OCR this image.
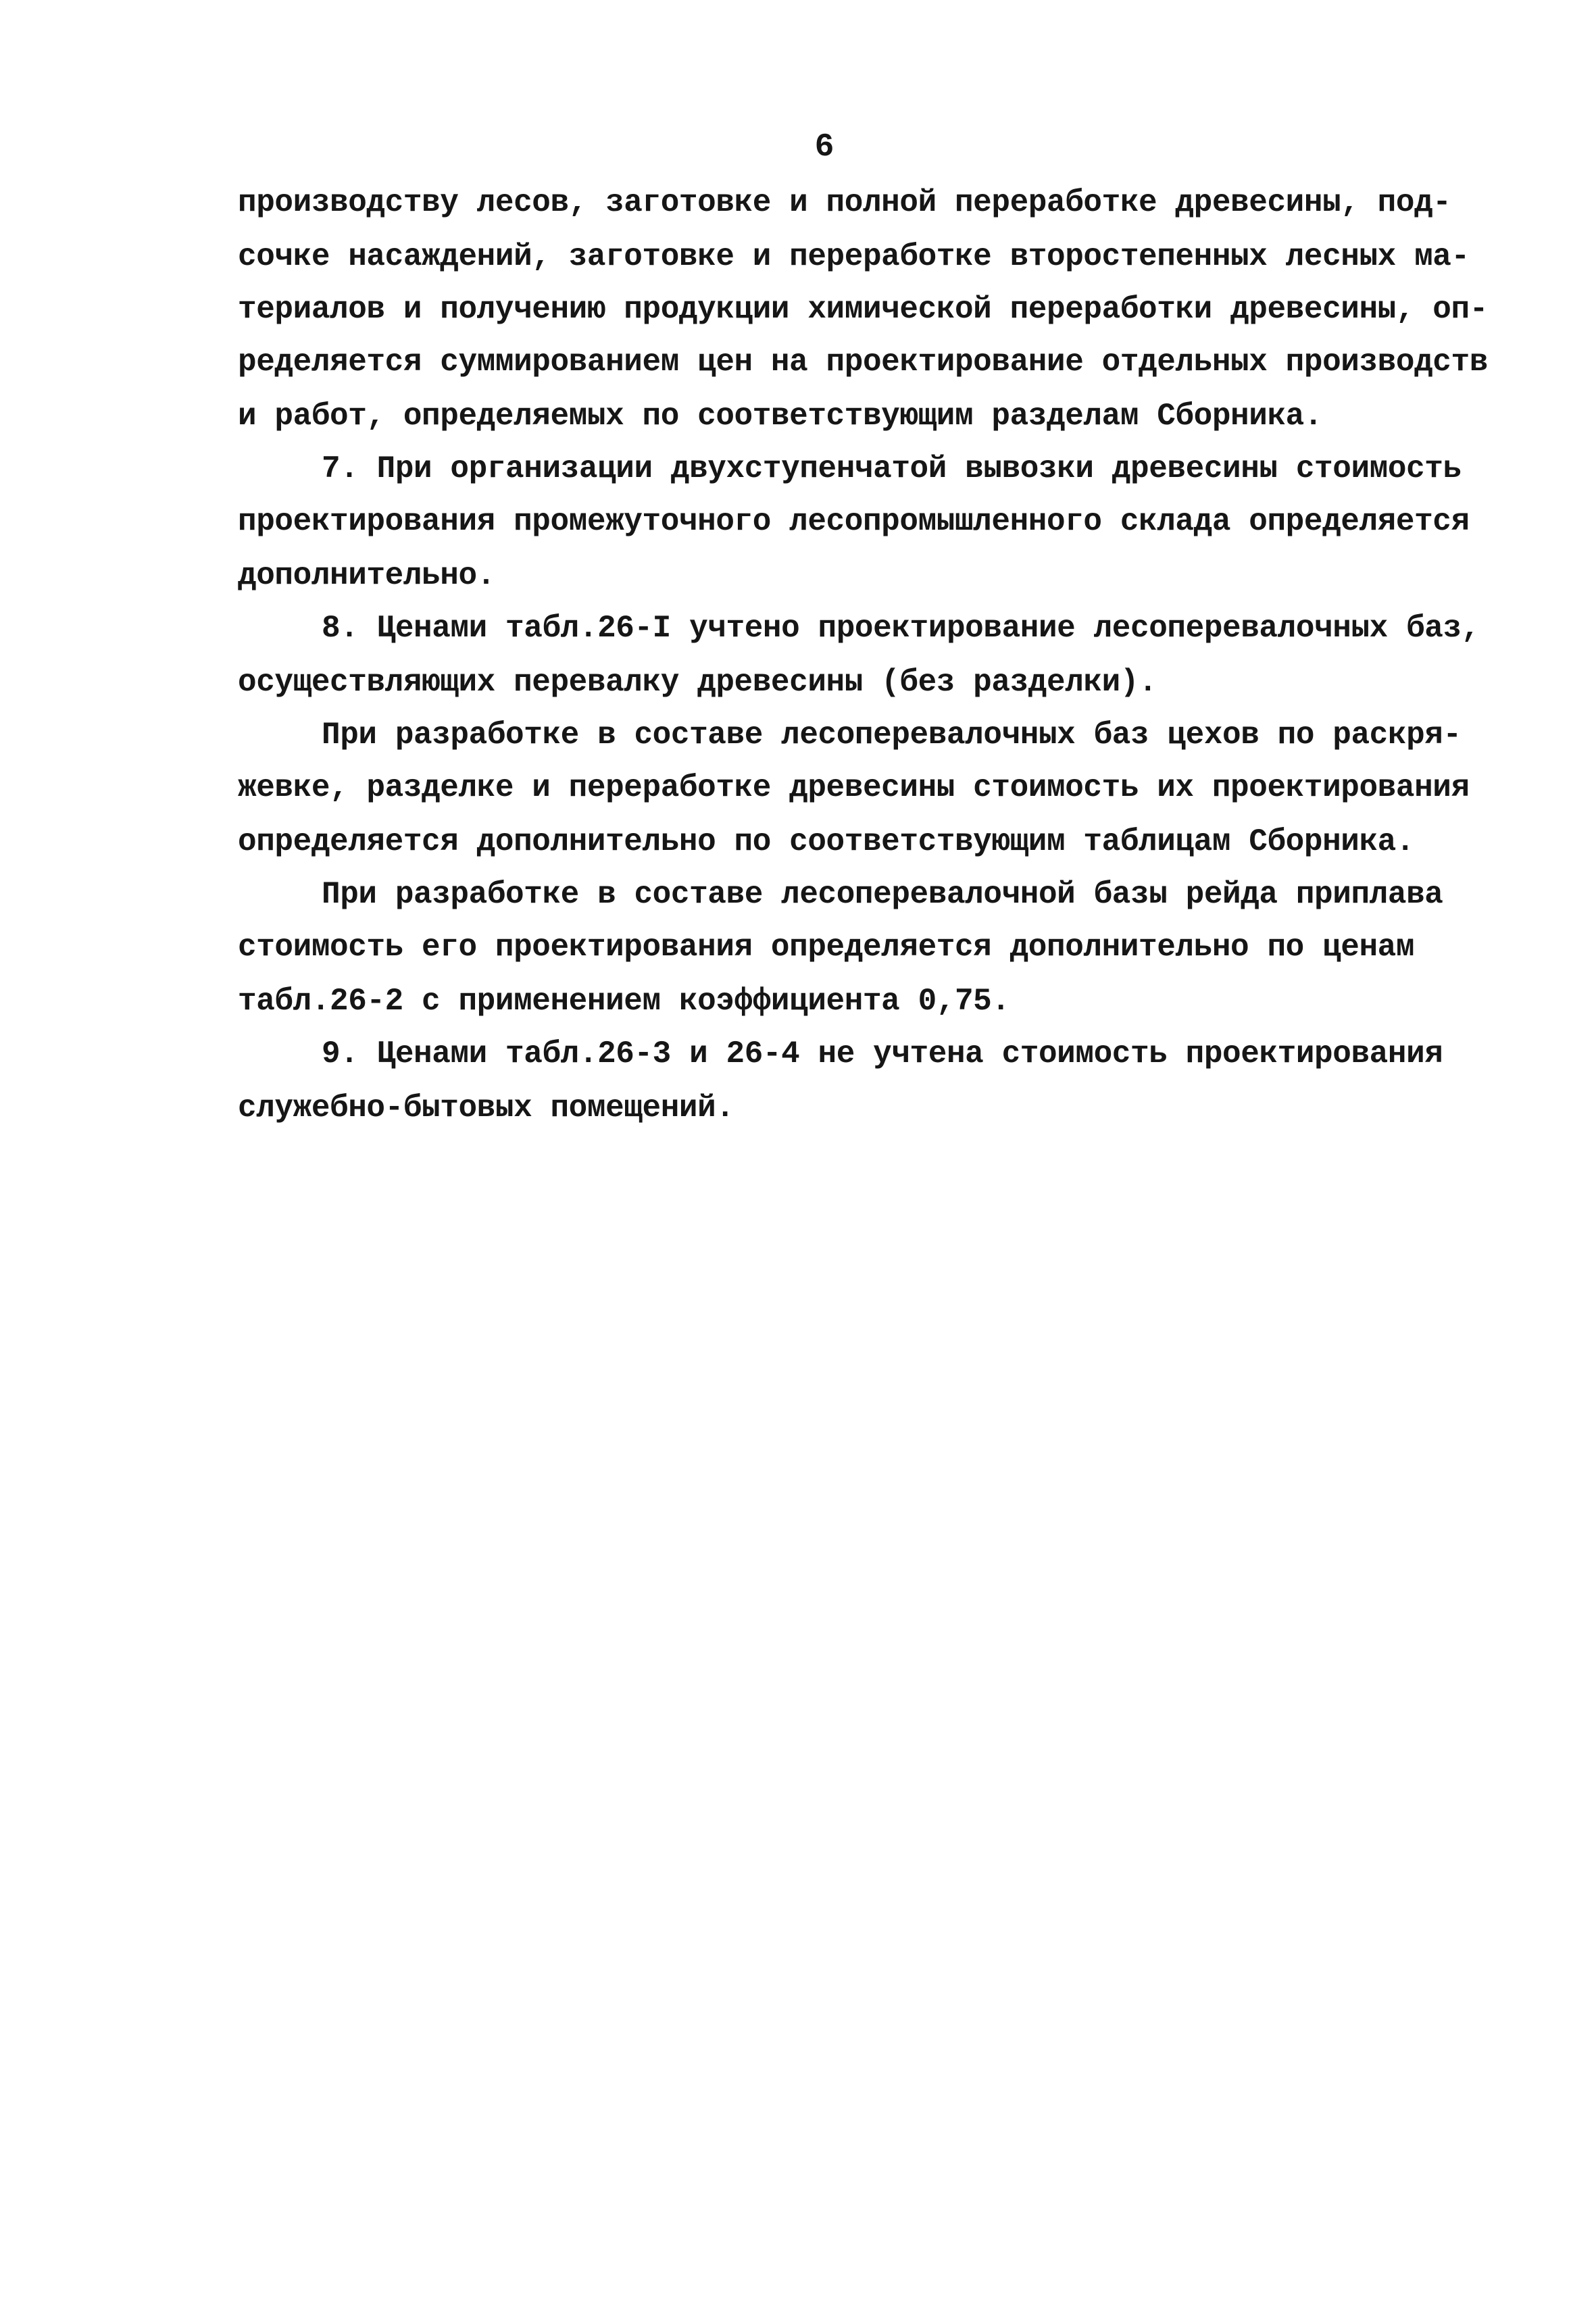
6
производству лесов, заготовке и полной переработке древесины, под-
сочке насаждений, заготовке и переработке второстепенных лесных ма-
териалов и получению продукции химической переработки древесины, оп-
ределяется суммированием цен на проектирование отдельных производств
и работ, определяемых по соответствующим разделам Сборника.
7. При организации двухступенчатой вывозки древесины стоимость
проектирования промежуточного лесопромышленного склада определяется
дополнительно.
8. Ценами табл.26-I учтено проектирование лесоперевалочных баз,
осуществляющих перевалку древесины (без разделки).
При разработке в составе лесоперевалочных баз цехов по раскря-
жевке, разделке и переработке древесины стоимость их проектирования
определяется дополнительно по соответствующим таблицам Сборника.
При разработке в составе лесоперевалочной базы рейда приплава
стоимость его проектирования определяется дополнительно по ценам
табл.26-2 с применением коэффициента 0,75.
9. Ценами табл.26-3 и 26-4 не учтена стоимость проектирования
служебно-бытовых помещений.
